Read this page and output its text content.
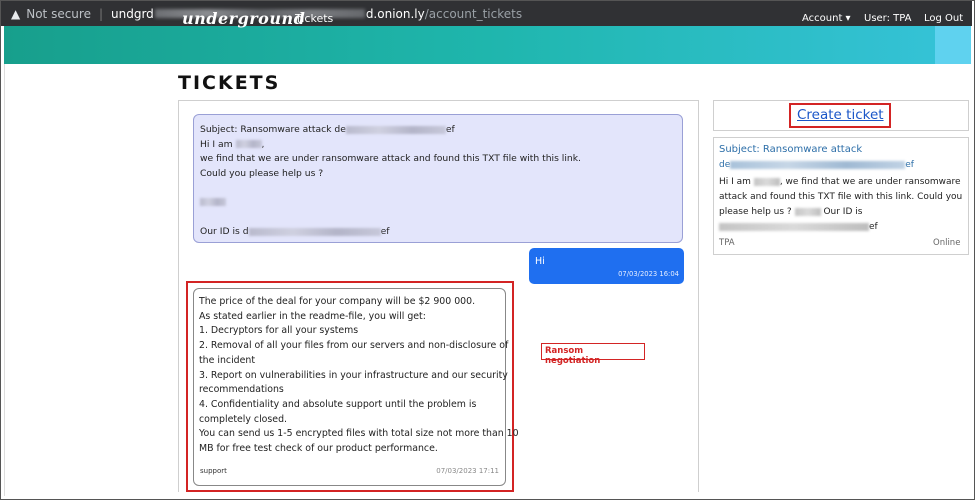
▲ Not secure | undgrd	d.onion.ly /account_tickets
underground
Tickets	Account ▾ User: TPA Log Out
TICKETS
Subject: Ransomware attack de	ef
Hi I am	,
we find that we are under ransomware attack and found this TXT file with this link.
Could you please help us ?
Our ID is d	ef
Hi
07/03/2023 16:04
The price of the deal for your company will be $2 900 000.
As stated earlier in the readme-file, you will get:
1. Decryptors for all your systems
2. Removal of all your files from our servers and non-disclosure of
the incident
3. Report on vulnerabilities in your infrastructure and our security
recommendations
4. Confidentiality and absolute support until the problem is
completely closed.
You can send us 1-5 encrypted files with total size not more than 10
MB for free test check of our product performance.
support	07/03/2023 17:11
Ransom negotiation
Create ticket
Subject: Ransomware attack
de	ef
Hi I am	, we find that we are under ransomware
attack and found this TXT file with this link. Could you
please help us ?	Our ID is
ef
TPA	Online
